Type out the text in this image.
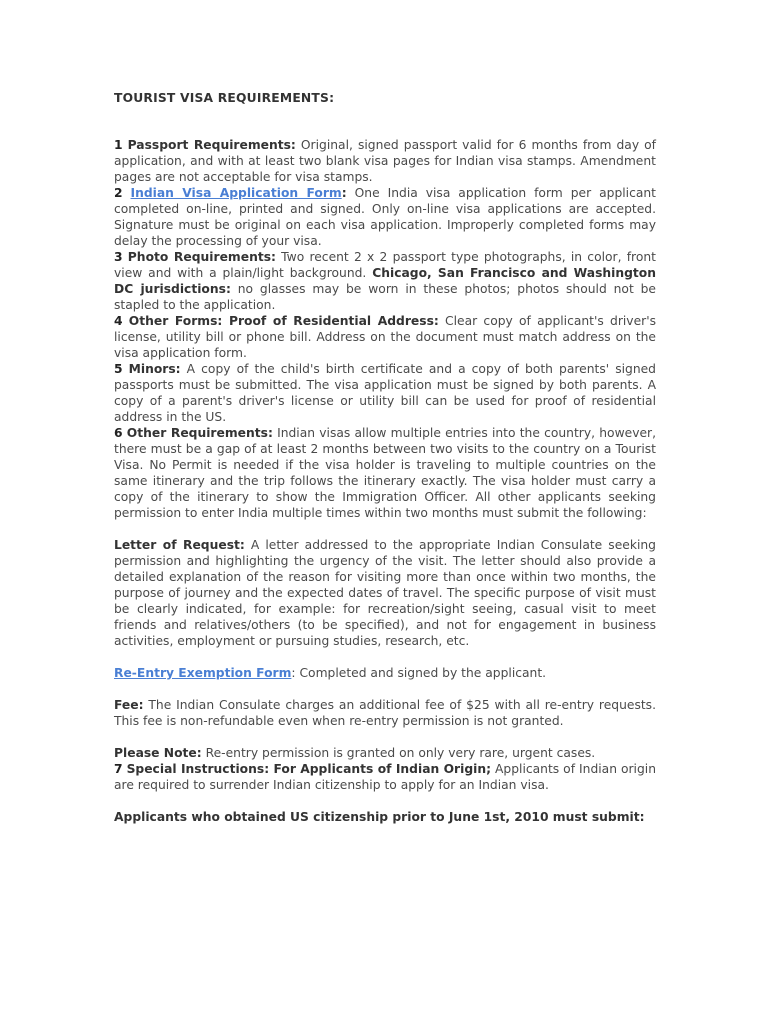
TOURIST VISA REQUIREMENTS:

1 Passport Requirements: Original, signed passport valid for 6 months from day of application, and with at least two blank visa pages for Indian visa stamps. Amendment pages are not acceptable for visa stamps.

2 Indian Visa Application Form: One India visa application form per applicant completed on-line, printed and signed. Only on-line visa applications are accepted. Signature must be original on each visa application. Improperly completed forms may delay the processing of your visa.

3 Photo Requirements: Two recent 2 x 2 passport type photographs, in color, front view and with a plain/light background. Chicago, San Francisco and Washington DC jurisdictions: no glasses may be worn in these photos; photos should not be stapled to the application.

4 Other Forms: Proof of Residential Address: Clear copy of applicant's driver's license, utility bill or phone bill. Address on the document must match address on the visa application form.

5 Minors: A copy of the child's birth certificate and a copy of both parents' signed passports must be submitted. The visa application must be signed by both parents. A copy of a parent's driver's license or utility bill can be used for proof of residential address in the US.

6 Other Requirements: Indian visas allow multiple entries into the country, however, there must be a gap of at least 2 months between two visits to the country on a Tourist Visa. No Permit is needed if the visa holder is traveling to multiple countries on the same itinerary and the trip follows the itinerary exactly. The visa holder must carry a copy of the itinerary to show the Immigration Officer. All other applicants seeking permission to enter India multiple times within two months must submit the following:

Letter of Request: A letter addressed to the appropriate Indian Consulate seeking permission and highlighting the urgency of the visit. The letter should also provide a detailed explanation of the reason for visiting more than once within two months, the purpose of journey and the expected dates of travel. The specific purpose of visit must be clearly indicated, for example: for recreation/sight seeing, casual visit to meet friends and relatives/others (to be specified), and not for engagement in business activities, employment or pursuing studies, research, etc.

Re-Entry Exemption Form: Completed and signed by the applicant.

Fee: The Indian Consulate charges an additional fee of $25 with all re-entry requests. This fee is non-refundable even when re-entry permission is not granted.

Please Note: Re-entry permission is granted on only very rare, urgent cases.

7 Special Instructions: For Applicants of Indian Origin; Applicants of Indian origin are required to surrender Indian citizenship to apply for an Indian visa.

Applicants who obtained US citizenship prior to June 1st, 2010 must submit:
